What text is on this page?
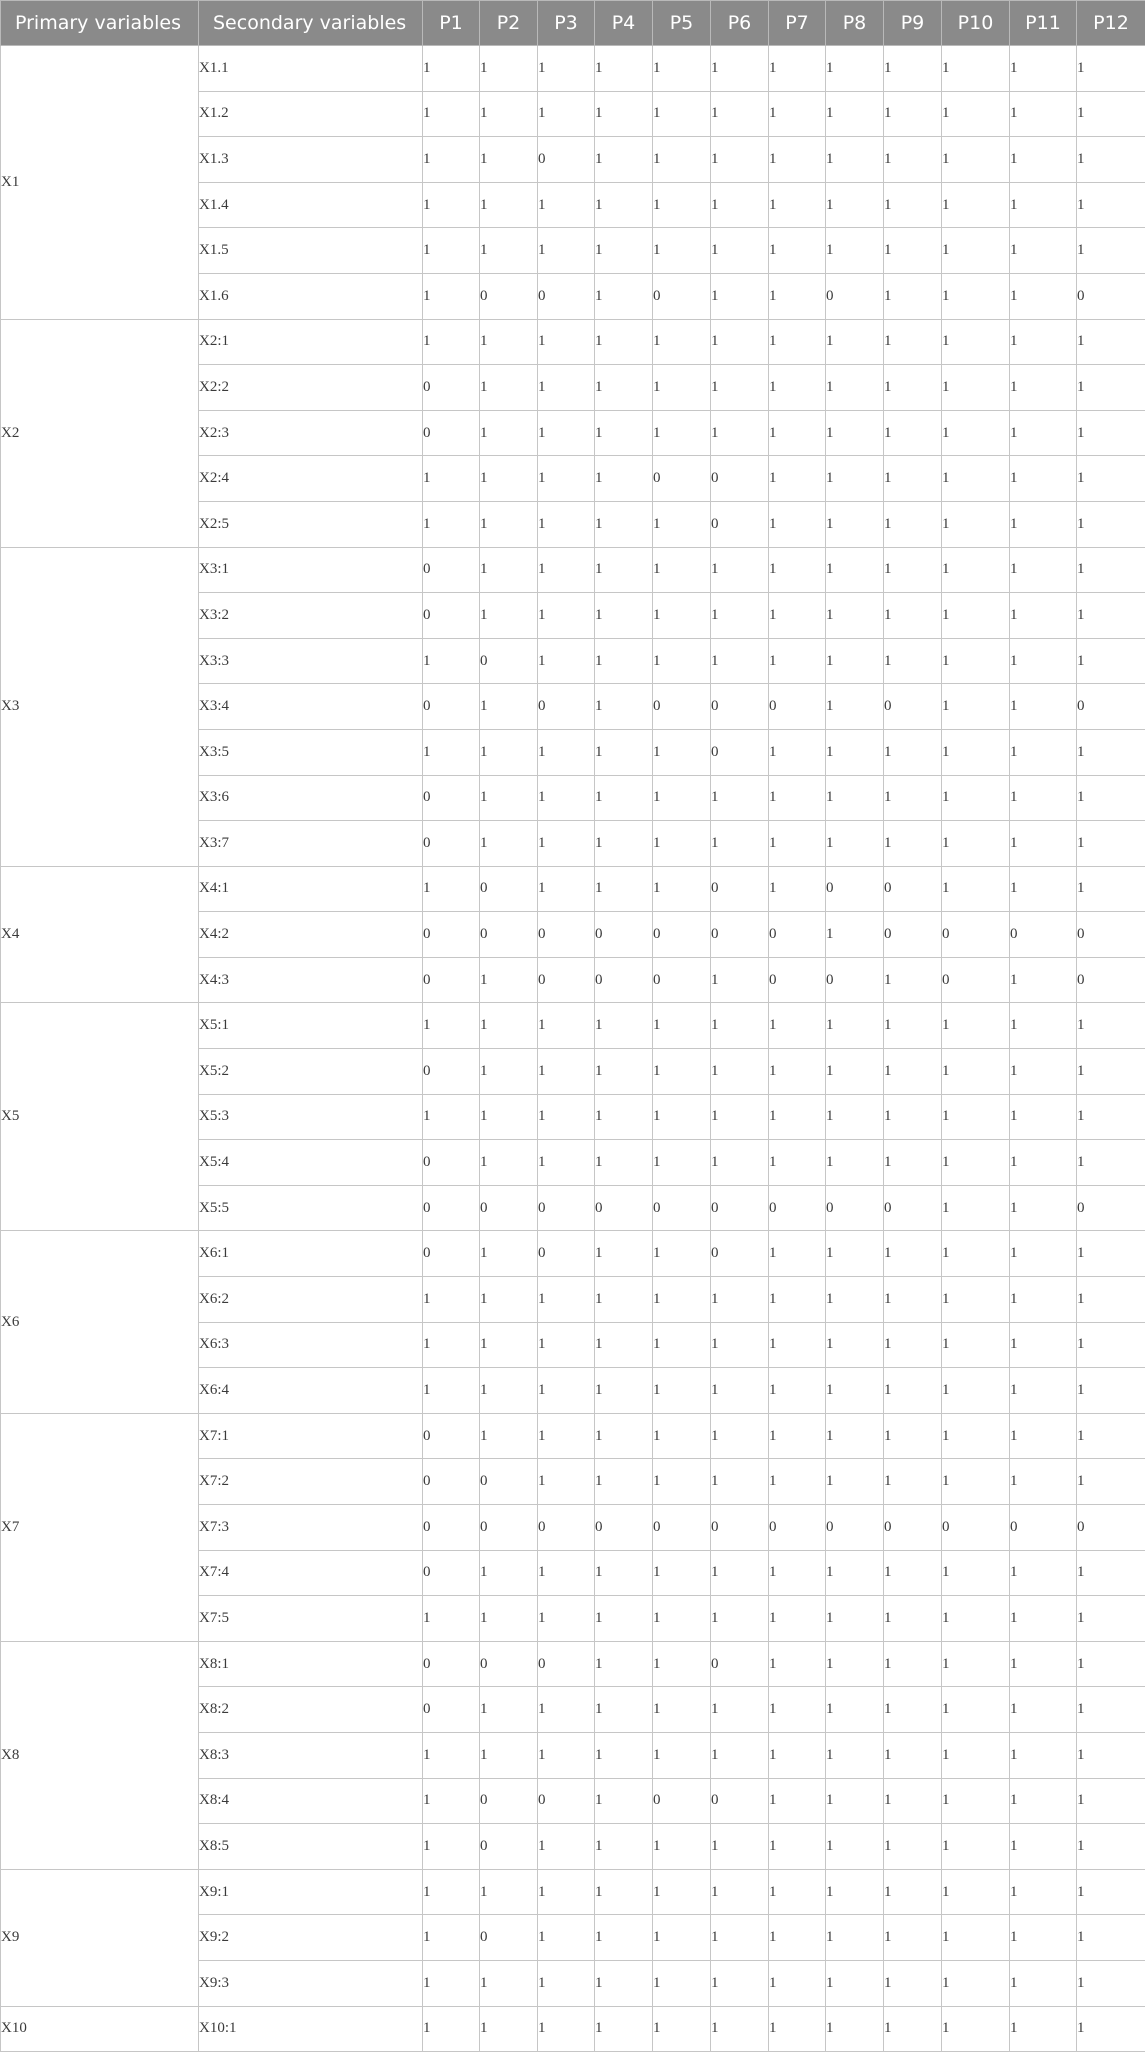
Primary variables	Secondary variables	P1	P2	P3	P4	P5	P6	P7	P8	P9	P10	P11	P12
X1	X1.1	1	1	1	1	1	1	1	1	1	1	1	1
	X1.2	1	1	1	1	1	1	1	1	1	1	1	1
	X1.3	1	1	0	1	1	1	1	1	1	1	1	1
	X1.4	1	1	1	1	1	1	1	1	1	1	1	1
	X1.5	1	1	1	1	1	1	1	1	1	1	1	1
	X1.6	1	0	0	1	0	1	1	0	1	1	1	0
X2	X2:1	1	1	1	1	1	1	1	1	1	1	1	1
	X2:2	0	1	1	1	1	1	1	1	1	1	1	1
	X2:3	0	1	1	1	1	1	1	1	1	1	1	1
	X2:4	1	1	1	1	0	0	1	1	1	1	1	1
	X2:5	1	1	1	1	1	0	1	1	1	1	1	1
X3	X3:1	0	1	1	1	1	1	1	1	1	1	1	1
	X3:2	0	1	1	1	1	1	1	1	1	1	1	1
	X3:3	1	0	1	1	1	1	1	1	1	1	1	1
	X3:4	0	1	0	1	0	0	0	1	0	1	1	0
	X3:5	1	1	1	1	1	0	1	1	1	1	1	1
	X3:6	0	1	1	1	1	1	1	1	1	1	1	1
	X3:7	0	1	1	1	1	1	1	1	1	1	1	1
X4	X4:1	1	0	1	1	1	0	1	0	0	1	1	1
	X4:2	0	0	0	0	0	0	0	1	0	0	0	0
	X4:3	0	1	0	0	0	1	0	0	1	0	1	0
X5	X5:1	1	1	1	1	1	1	1	1	1	1	1	1
	X5:2	0	1	1	1	1	1	1	1	1	1	1	1
	X5:3	1	1	1	1	1	1	1	1	1	1	1	1
	X5:4	0	1	1	1	1	1	1	1	1	1	1	1
	X5:5	0	0	0	0	0	0	0	0	0	1	1	0
X6	X6:1	0	1	0	1	1	0	1	1	1	1	1	1
	X6:2	1	1	1	1	1	1	1	1	1	1	1	1
	X6:3	1	1	1	1	1	1	1	1	1	1	1	1
	X6:4	1	1	1	1	1	1	1	1	1	1	1	1
X7	X7:1	0	1	1	1	1	1	1	1	1	1	1	1
	X7:2	0	0	1	1	1	1	1	1	1	1	1	1
	X7:3	0	0	0	0	0	0	0	0	0	0	0	0
	X7:4	0	1	1	1	1	1	1	1	1	1	1	1
	X7:5	1	1	1	1	1	1	1	1	1	1	1	1
X8	X8:1	0	0	0	1	1	0	1	1	1	1	1	1
	X8:2	0	1	1	1	1	1	1	1	1	1	1	1
	X8:3	1	1	1	1	1	1	1	1	1	1	1	1
	X8:4	1	0	0	1	0	0	1	1	1	1	1	1
	X8:5	1	0	1	1	1	1	1	1	1	1	1	1
X9	X9:1	1	1	1	1	1	1	1	1	1	1	1	1
	X9:2	1	0	1	1	1	1	1	1	1	1	1	1
	X9:3	1	1	1	1	1	1	1	1	1	1	1	1
X10	X10:1	1	1	1	1	1	1	1	1	1	1	1	1
